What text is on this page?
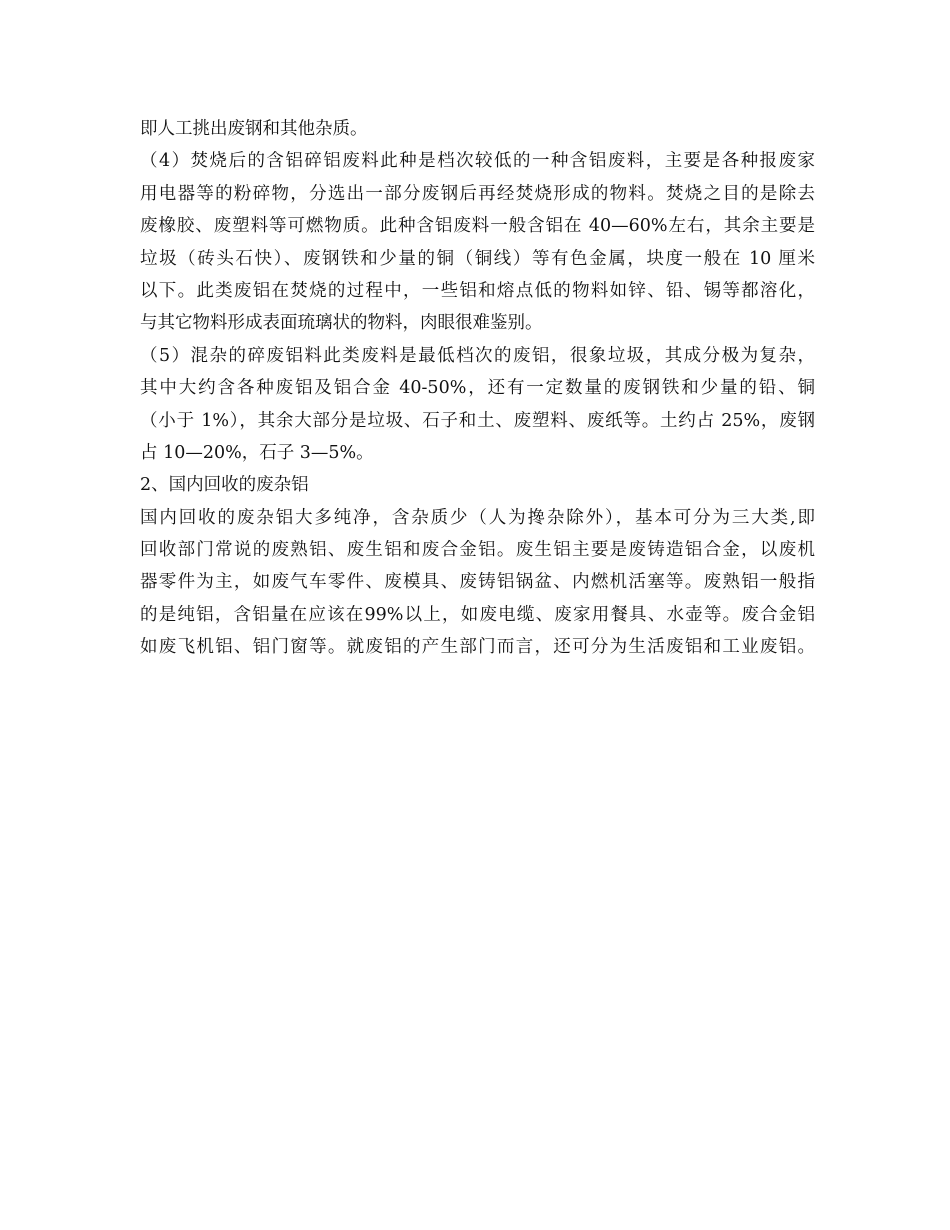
即人工挑出废钢和其他杂质。
（4）焚烧后的含铝碎铝废料此种是档次较低的一种含铝废料，主要是各种报废家
用电器等的粉碎物，分选出一部分废钢后再经焚烧形成的物料。焚烧之目的是除去
废橡胶、废塑料等可燃物质。此种含铝废料一般含铝在 40—60%左右，其余主要是
垃圾（砖头石快）、废钢铁和少量的铜（铜线）等有色金属，块度一般在 10 厘米
以下。此类废铝在焚烧的过程中，一些铝和熔点低的物料如锌、铅、锡等都溶化，
与其它物料形成表面琉璃状的物料，肉眼很难鉴别。
（5）混杂的碎废铝料此类废料是最低档次的废铝，很象垃圾，其成分极为复杂，
其中大约含各种废铝及铝合金 40-50%，还有一定数量的废钢铁和少量的铅、铜
（小于 1%），其余大部分是垃圾、石子和土、废塑料、废纸等。土约占 25%，废钢
占 10—20%，石子 3—5%。
2、国内回收的废杂铝
国内回收的废杂铝大多纯净，含杂质少（人为搀杂除外），基本可分为三大类,即
回收部门常说的废熟铝、废生铝和废合金铝。废生铝主要是废铸造铝合金，以废机
器零件为主，如废气车零件、废模具、废铸铝锅盆、内燃机活塞等。废熟铝一般指
的是纯铝，含铝量在应该在99%以上，如废电缆、废家用餐具、水壶等。废合金铝
如废飞机铝、铝门窗等。就废铝的产生部门而言，还可分为生活废铝和工业废铝。
